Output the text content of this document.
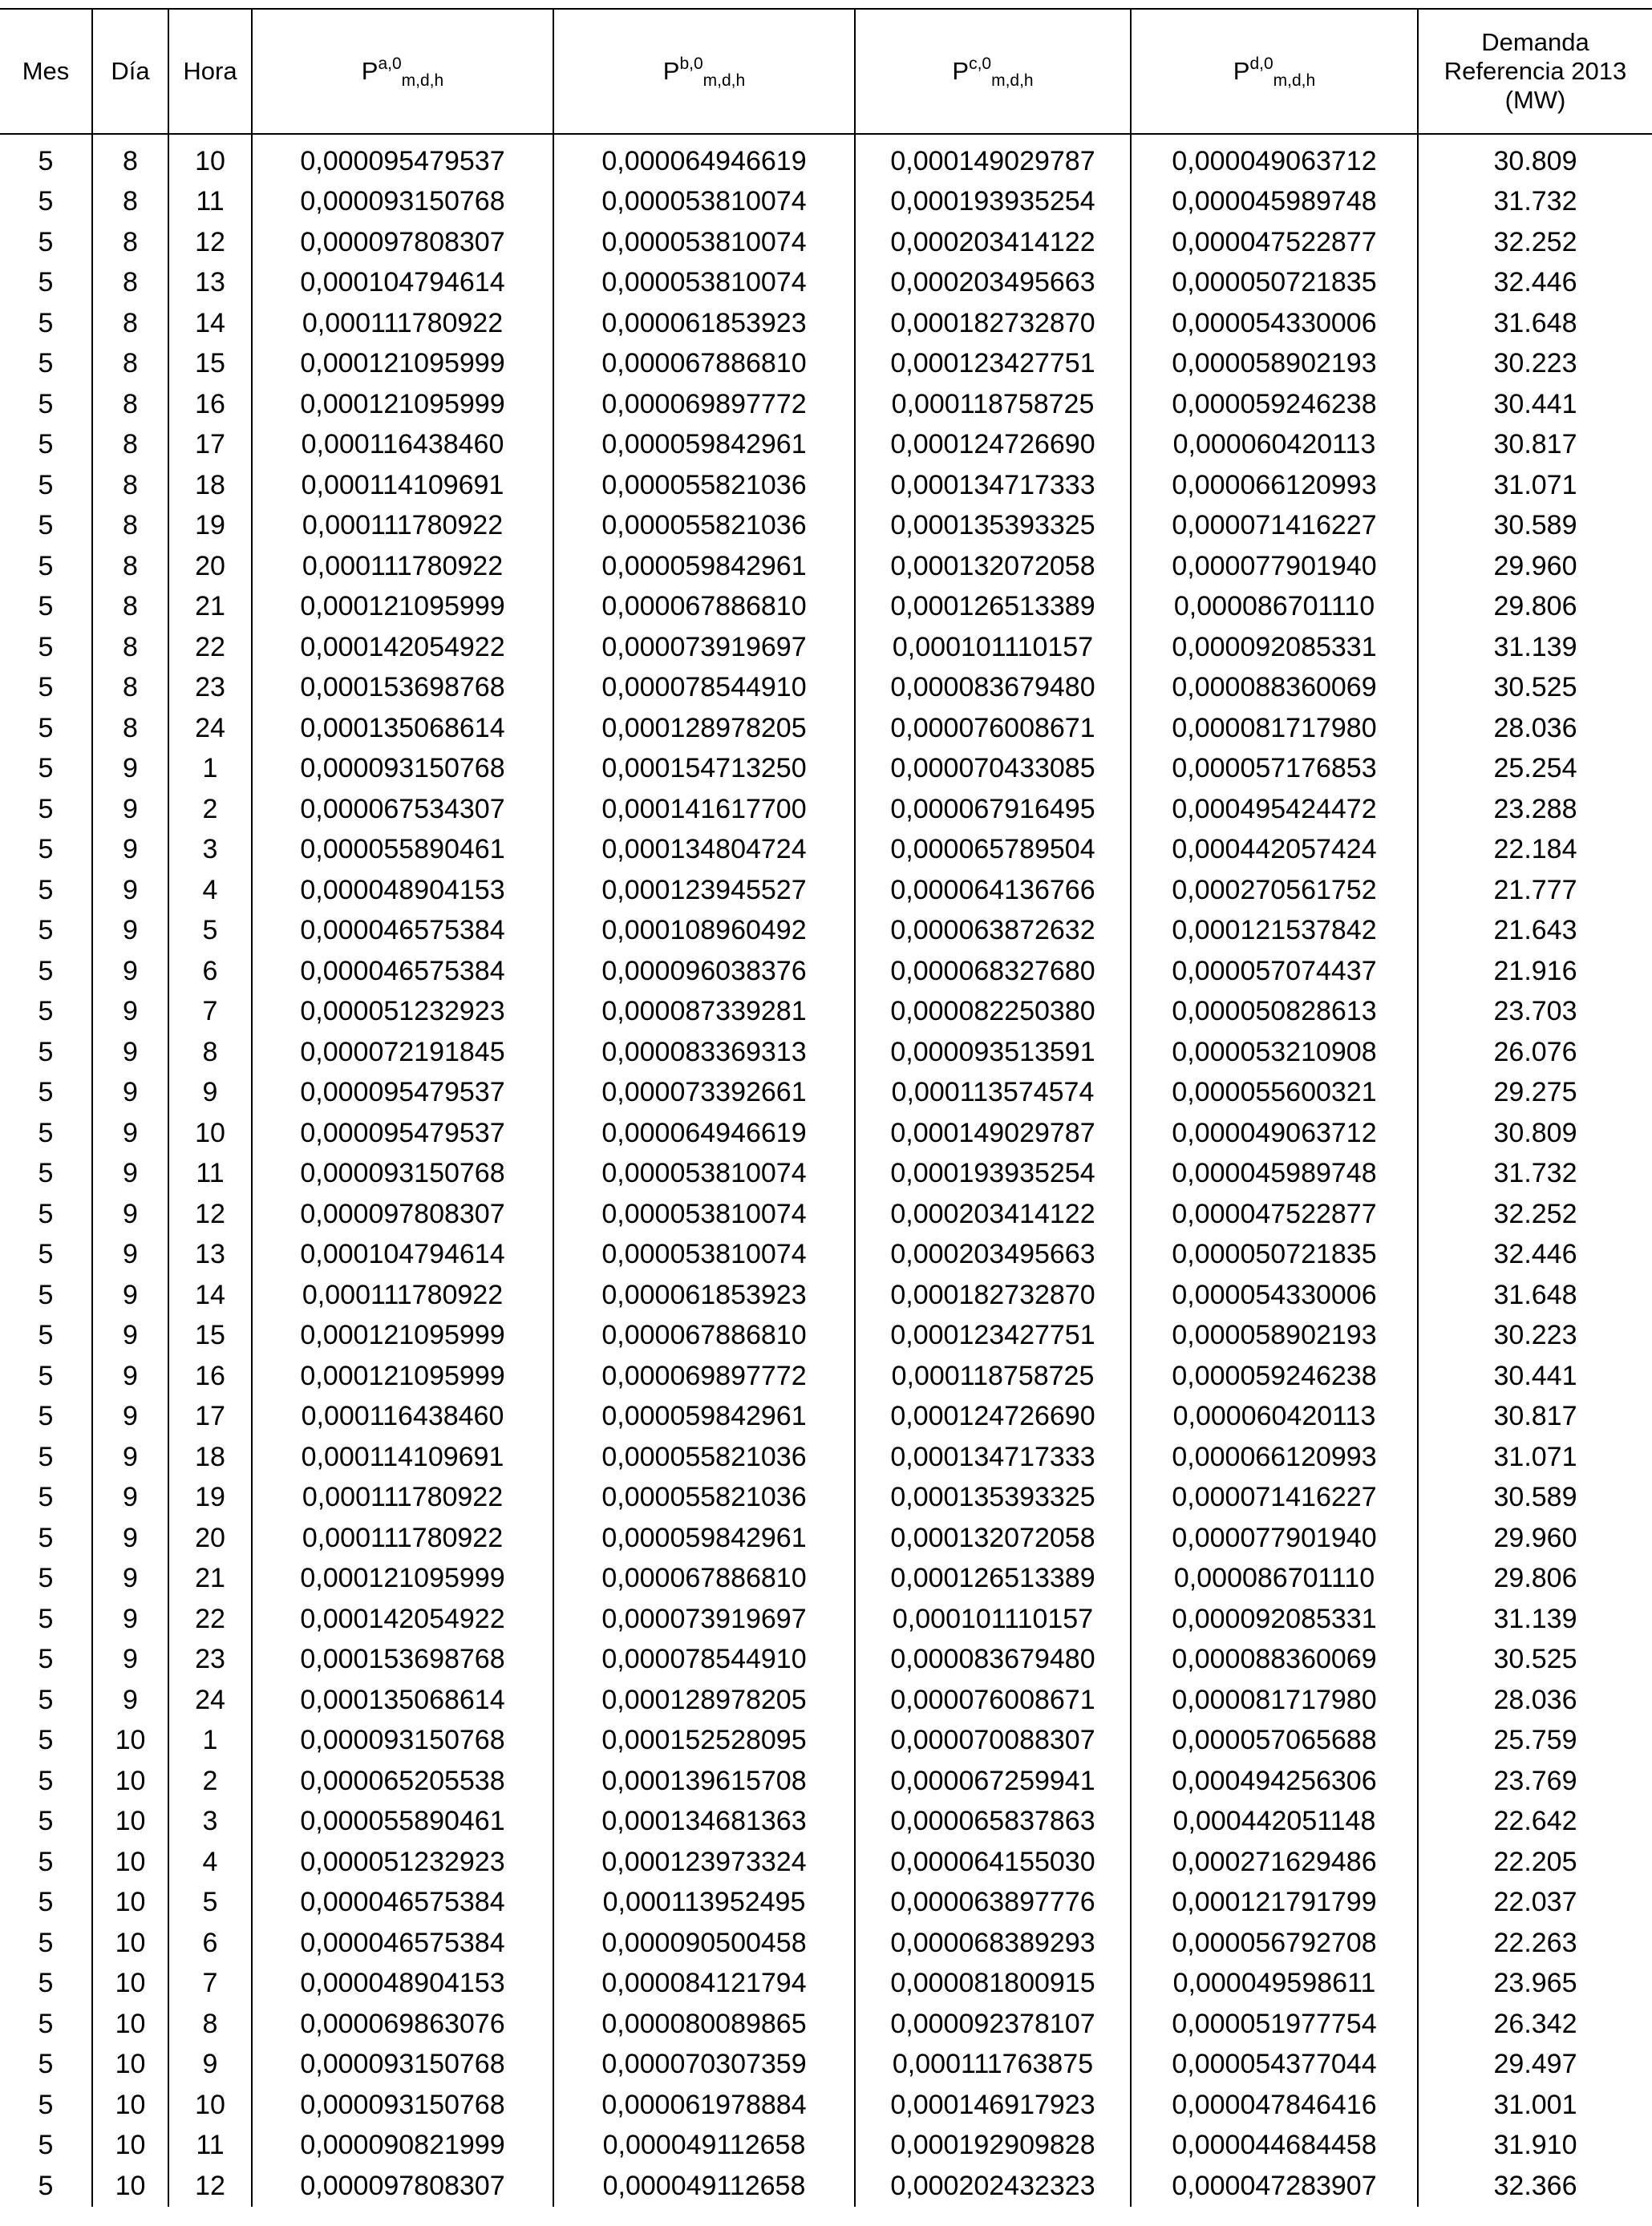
Mes	Día	Hora	P$^{a,0}_{m,d,h}$	P$^{b,0}_{m,d,h}$	P$^{c,0}_{m,d,h}$	P$^{d,0}_{m,d,h}$	Demanda
Referencia 2013
(MW)
5	8	10	0,000095479537	0,000064946619	0,000149029787	0,000049063712	30.809
5	8	11	0,000093150768	0,000053810074	0,000193935254	0,000045989748	31.732
5	8	12	0,000097808307	0,000053810074	0,000203414122	0,000047522877	32.252
5	8	13	0,000104794614	0,000053810074	0,000203495663	0,000050721835	32.446
5	8	14	0,000111780922	0,000061853923	0,000182732870	0,000054330006	31.648
5	8	15	0,000121095999	0,000067886810	0,000123427751	0,000058902193	30.223
5	8	16	0,000121095999	0,000069897772	0,000118758725	0,000059246238	30.441
5	8	17	0,000116438460	0,000059842961	0,000124726690	0,000060420113	30.817
5	8	18	0,000114109691	0,000055821036	0,000134717333	0,000066120993	31.071
5	8	19	0,000111780922	0,000055821036	0,000135393325	0,000071416227	30.589
5	8	20	0,000111780922	0,000059842961	0,000132072058	0,000077901940	29.960
5	8	21	0,000121095999	0,000067886810	0,000126513389	0,000086701110	29.806
5	8	22	0,000142054922	0,000073919697	0,000101110157	0,000092085331	31.139
5	8	23	0,000153698768	0,000078544910	0,000083679480	0,000088360069	30.525
5	8	24	0,000135068614	0,000128978205	0,000076008671	0,000081717980	28.036
5	9	1	0,000093150768	0,000154713250	0,000070433085	0,000057176853	25.254
5	9	2	0,000067534307	0,000141617700	0,000067916495	0,000495424472	23.288
5	9	3	0,000055890461	0,000134804724	0,000065789504	0,000442057424	22.184
5	9	4	0,000048904153	0,000123945527	0,000064136766	0,000270561752	21.777
5	9	5	0,000046575384	0,000108960492	0,000063872632	0,000121537842	21.643
5	9	6	0,000046575384	0,000096038376	0,000068327680	0,000057074437	21.916
5	9	7	0,000051232923	0,000087339281	0,000082250380	0,000050828613	23.703
5	9	8	0,000072191845	0,000083369313	0,000093513591	0,000053210908	26.076
5	9	9	0,000095479537	0,000073392661	0,000113574574	0,000055600321	29.275
5	9	10	0,000095479537	0,000064946619	0,000149029787	0,000049063712	30.809
5	9	11	0,000093150768	0,000053810074	0,000193935254	0,000045989748	31.732
5	9	12	0,000097808307	0,000053810074	0,000203414122	0,000047522877	32.252
5	9	13	0,000104794614	0,000053810074	0,000203495663	0,000050721835	32.446
5	9	14	0,000111780922	0,000061853923	0,000182732870	0,000054330006	31.648
5	9	15	0,000121095999	0,000067886810	0,000123427751	0,000058902193	30.223
5	9	16	0,000121095999	0,000069897772	0,000118758725	0,000059246238	30.441
5	9	17	0,000116438460	0,000059842961	0,000124726690	0,000060420113	30.817
5	9	18	0,000114109691	0,000055821036	0,000134717333	0,000066120993	31.071
5	9	19	0,000111780922	0,000055821036	0,000135393325	0,000071416227	30.589
5	9	20	0,000111780922	0,000059842961	0,000132072058	0,000077901940	29.960
5	9	21	0,000121095999	0,000067886810	0,000126513389	0,000086701110	29.806
5	9	22	0,000142054922	0,000073919697	0,000101110157	0,000092085331	31.139
5	9	23	0,000153698768	0,000078544910	0,000083679480	0,000088360069	30.525
5	9	24	0,000135068614	0,000128978205	0,000076008671	0,000081717980	28.036
5	10	1	0,000093150768	0,000152528095	0,000070088307	0,000057065688	25.759
5	10	2	0,000065205538	0,000139615708	0,000067259941	0,000494256306	23.769
5	10	3	0,000055890461	0,000134681363	0,000065837863	0,000442051148	22.642
5	10	4	0,000051232923	0,000123973324	0,000064155030	0,000271629486	22.205
5	10	5	0,000046575384	0,000113952495	0,000063897776	0,000121791799	22.037
5	10	6	0,000046575384	0,000090500458	0,000068389293	0,000056792708	22.263
5	10	7	0,000048904153	0,000084121794	0,000081800915	0,000049598611	23.965
5	10	8	0,000069863076	0,000080089865	0,000092378107	0,000051977754	26.342
5	10	9	0,000093150768	0,000070307359	0,000111763875	0,000054377044	29.497
5	10	10	0,000093150768	0,000061978884	0,000146917923	0,000047846416	31.001
5	10	11	0,000090821999	0,000049112658	0,000192909828	0,000044684458	31.910
5	10	12	0,000097808307	0,000049112658	0,000202432323	0,000047283907	32.366
